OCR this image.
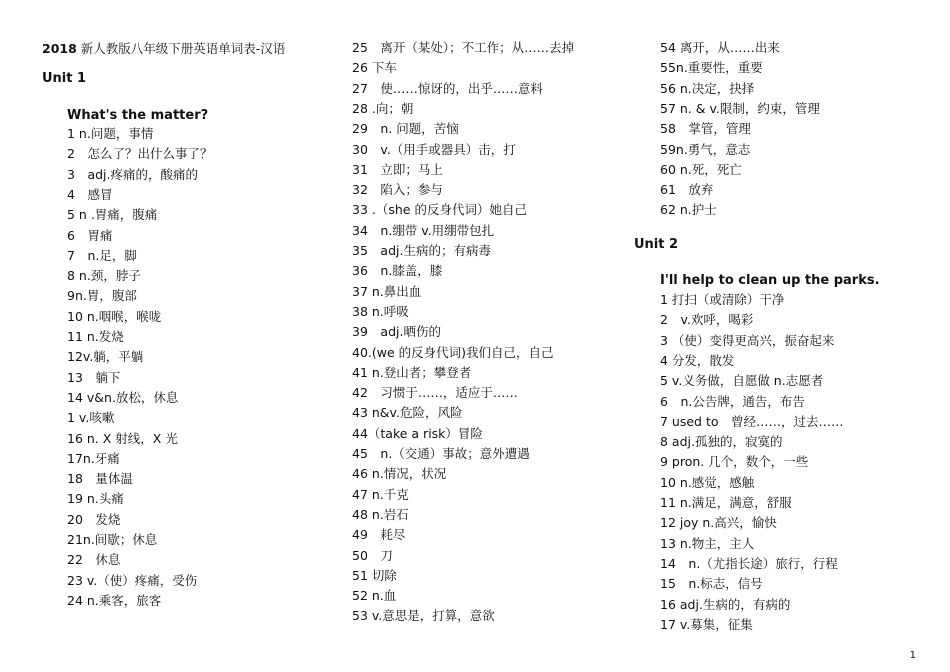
2018 新人教版八年级下册英语单词表-汉语
Unit 1
What's the matter?
1 n.问题，事情
2　怎么了？出什么事了？
3　adj.疼痛的，酸痛的
4　感冒
5 n .胃痛，腹痛
6　胃痛
7　n.足，脚
8 n.颈，脖子
9n.胃，腹部
10 n.咽喉，喉咙
11 n.发烧
12v.躺，平躺
13　躺下
14 v&n.放松，休息
1 v.咳嗽
16 n. X 射线，X 光
17n.牙痛
18　量体温
19 n.头痛
20　发烧
21n.间歇；休息
22　休息
23 v.（使）疼痛，受伤
24 n.乘客，旅客
25　离开（某处）；不工作；从……去掉
26 下车
27　使……惊讶的，出乎……意料
28 .向；朝
29　n. 问题，苦恼
30　v.（用手或器具）击，打
31　立即；马上
32　陷入；参与
33 .（she 的反身代词）她自己
34　n.绷带 v.用绷带包扎
35　adj.生病的；有病毒
36　n.膝盖，膝
37 n.鼻出血
38 n.呼吸
39　adj.晒伤的
40.(we 的反身代词)我们自己，自己
41 n.登山者；攀登者
42　习惯于……，适应于……
43 n&v.危险，风险
44（take a risk）冒险
45　n.（交通）事故；意外遭遇
46 n.情况，状况
47 n.千克
48 n.岩石
49　耗尽
50　刀
51 切除
52 n.血
53 v.意思是，打算，意欲
54 离开，从……出来
55n.重要性，重要
56 n.决定，抉择
57 n. & v.限制，约束，管理
58　掌管，管理
59n.勇气，意志
60 n.死，死亡
61　放弃
62 n.护士
Unit 2
I'll help to clean up the parks.
1 打扫（或清除）干净
2　v.欢呼，喝彩
3 （使）变得更高兴，振奋起来
4 分发，散发
5 v.义务做，自愿做 n.志愿者
6　n.公告牌，通告，布告
7 used to　曾经……，过去……
8 adj.孤独的，寂寞的
9 pron. 几个，数个，一些
10 n.感觉，感触
11 n.满足，满意，舒服
12 joy n.高兴，愉快
13 n.物主，主人
14　n.（尤指长途）旅行，行程
15　n.标志，信号
16 adj.生病的，有病的
17 v.募集，征集
1
